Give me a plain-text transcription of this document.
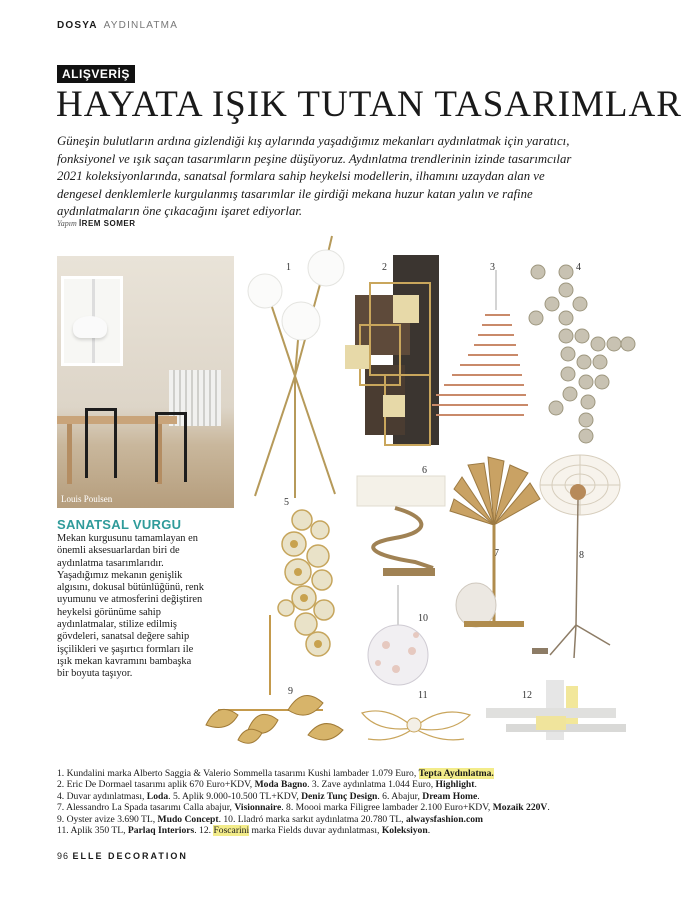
DOSYA AYDINLATMA
ALIŞVERİŞ
HAYATA IŞIK TUTAN TASARIMLAR

Güneşin bulutların ardına gizlendiği kış aylarında yaşadığımız mekanları aydınlatmak için yaratıcı, fonksiyonel ve ışık saçan tasarımların peşine düşüyoruz. Aydınlatma trendlerinin izinde tasarımcılar 2021 koleksiyonlarında, sanatsal formlara sahip heykelsi modellerin, ilhamını uzaydan alan ve dengesel denklemlerle kurgulanmış tasarımlar ile girdiği mekana huzur katan yalın ve rafine aydınlatmaların öne çıkacağını işaret ediyorlar.

Yapım İREM SOMER
Louis Poulsen
SANATSAL VURGU

Mekan kurgusunu tamamlayan en önemli aksesuarlardan biri de aydınlatma tasarımlarıdır. Yaşadığımız mekanın genişlik algısını, dokusal bütünlüğünü, renk uyumunu ve atmosferini değiştiren heykelsi görünüme sahip aydınlatmalar, stilize edilmiş gövdeleri, sanatsal değere sahip işçilikleri ve şaşırtıcı formları ile ışık mekan kavramını bambaşka bir boyuta taşıyor.

1	2	3	4
5
6
7	8
9
10
11	12
1. Kundalini marka Alberto Saggia & Valerio Sommella tasarımı Kushi lambader 1.079 Euro, Tepta Aydınlatma.
2. Eric De Dormael tasarımı aplik 670 Euro+KDV, Moda Bagno. 3. Zave aydınlatma 1.044 Euro, Highlight.
4. Duvar aydınlatması, Loda. 5. Aplik 9.000-10.500 TL+KDV, Deniz Tunç Design. 6. Abajur, Dream Home.
7. Alessandro La Spada tasarımı Calla abajur, Visionnaire. 8. Moooi marka Filigree lambader 2.100 Euro+KDV, Mozaik 220V.
9. Oyster avize 3.690 TL, Mudo Concept. 10. Lladró marka sarkıt aydınlatma 20.780 TL, alwaysfashion.com
11. Aplik 350 TL, Parlaq Interiors. 12. Foscarini marka Fields duvar aydınlatması, Koleksiyon.
96 ELLE DECORATION
